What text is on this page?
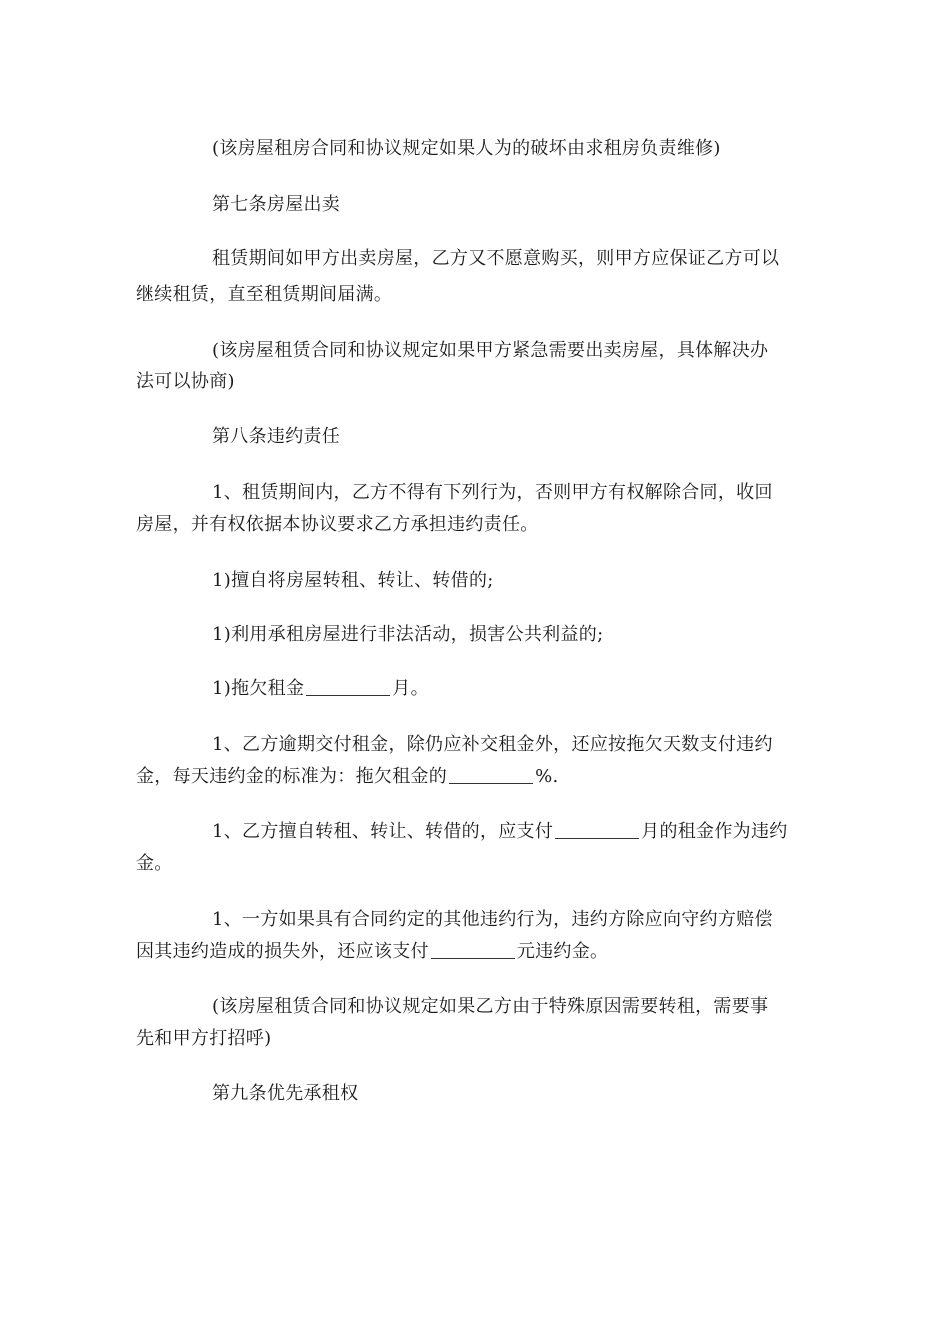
(该房屋租房合同和协议规定如果人为的破坏由求租房负责维修)
第七条房屋出卖
租赁期间如甲方出卖房屋，乙方又不愿意购买，则甲方应保证乙方可以
继续租赁，直至租赁期间届满。
(该房屋租赁合同和协议规定如果甲方紧急需要出卖房屋，具体解决办
法可以协商)
第八条违约责任
1、租赁期间内，乙方不得有下列行为，否则甲方有权解除合同，收回
房屋，并有权依据本协议要求乙方承担违约责任。
1)擅自将房屋转租、转让、转借的;
1)利用承租房屋进行非法活动，损害公共利益的;
1)拖欠租金	月。
1、乙方逾期交付租金，除仍应补交租金外，还应按拖欠天数支付违约
金，每天违约金的标准为：拖欠租金的	%.
1、乙方擅自转租、转让、转借的，应支付	月的租金作为违约
金。
1、一方如果具有合同约定的其他违约行为，违约方除应向守约方赔偿
因其违约造成的损失外，还应该支付	元违约金。
(该房屋租赁合同和协议规定如果乙方由于特殊原因需要转租，需要事
先和甲方打招呼)
第九条优先承租权
